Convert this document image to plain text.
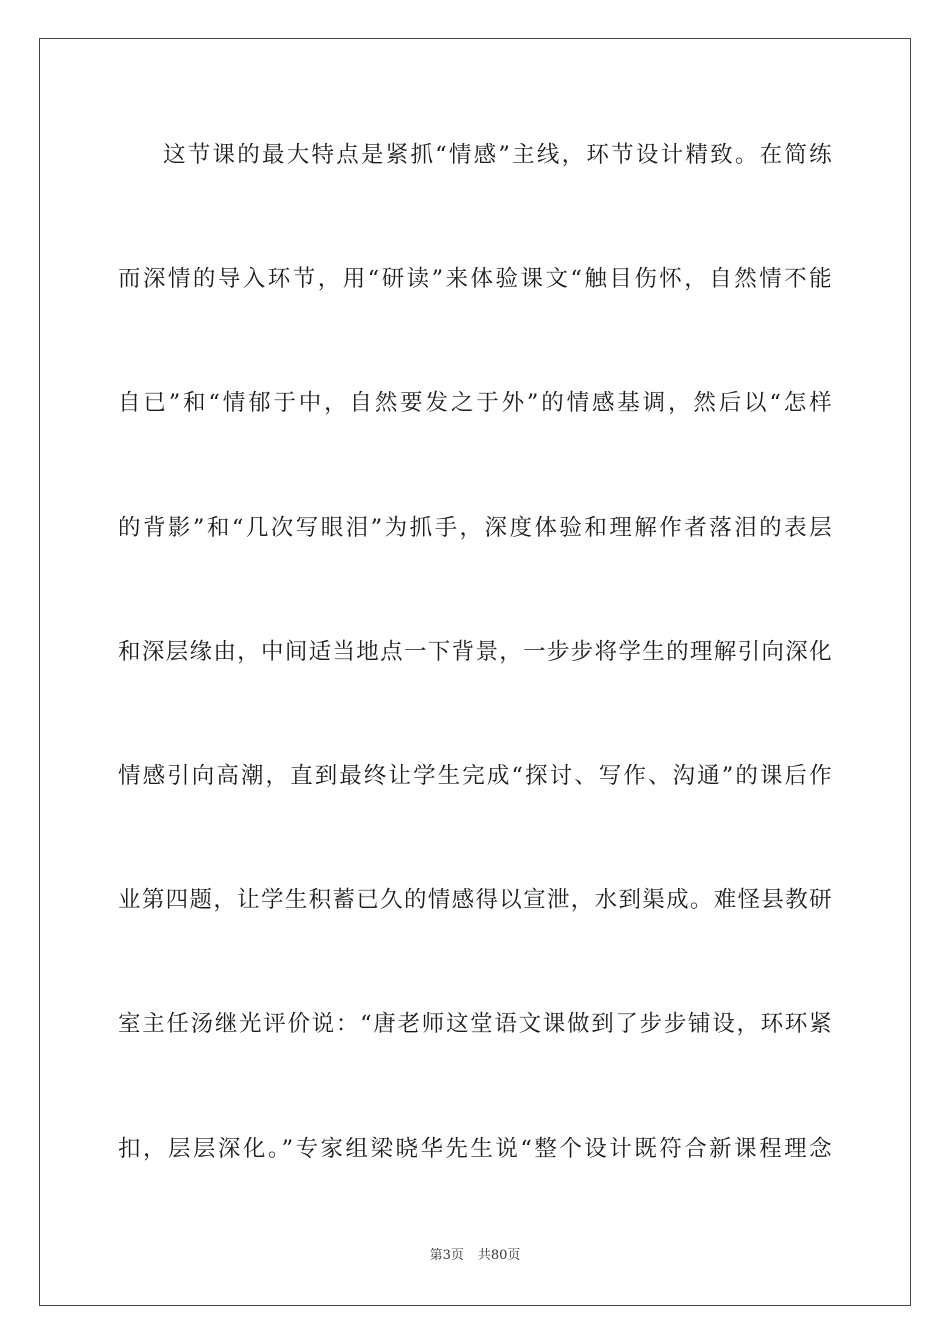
这节课的最大特点是紧抓“情感”主线，环节设计精致。在简练

而深情的导入环节，用“研读”来体验课文“触目伤怀，自然情不能

自已”和“情郁于中，自然要发之于外”的情感基调，然后以“怎样

的背影”和“几次写眼泪”为抓手，深度体验和理解作者落泪的表层

和深层缘由，中间适当地点一下背景，一步步将学生的理解引向深化

情感引向高潮，直到最终让学生完成“探讨、写作、沟通”的课后作

业第四题，让学生积蓄已久的情感得以宣泄，水到渠成。难怪县教研

室主任汤继光评价说：“唐老师这堂语文课做到了步步铺设，环环紧

扣，层层深化。”专家组梁晓华先生说“整个设计既符合新课程理念

第3页 共80页
